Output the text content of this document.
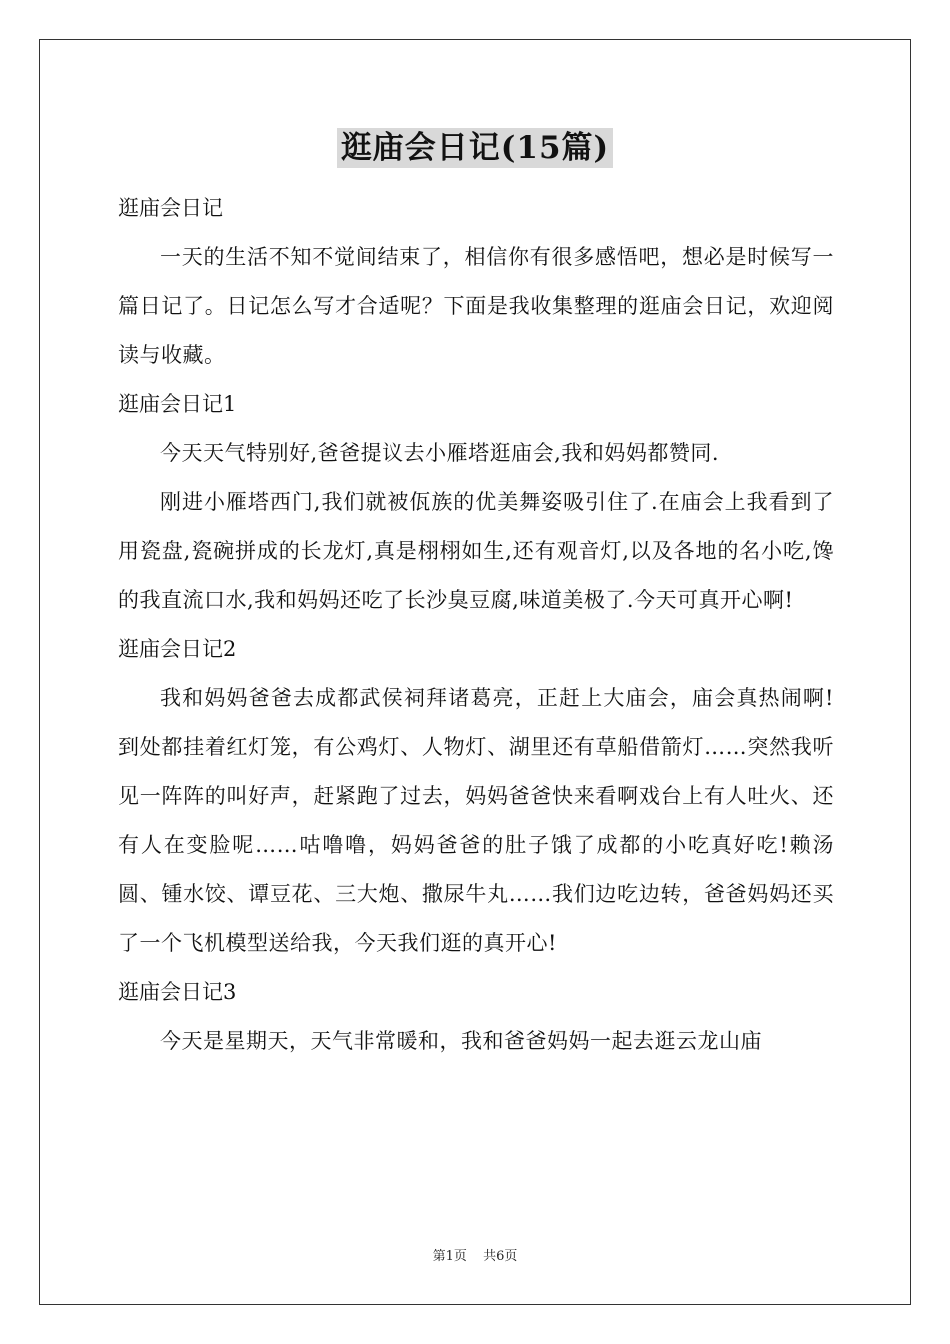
逛庙会日记(15篇)
逛庙会日记

一天的生活不知不觉间结束了，相信你有很多感悟吧，想必是时候写一篇日记了。日记怎么写才合适呢？下面是我收集整理的逛庙会日记，欢迎阅读与收藏。

逛庙会日记1

今天天气特别好,爸爸提议去小雁塔逛庙会,我和妈妈都赞同.

刚进小雁塔西门,我们就被佤族的优美舞姿吸引住了.在庙会上我看到了用瓷盘,瓷碗拼成的长龙灯,真是栩栩如生,还有观音灯,以及各地的名小吃,馋的我直流口水,我和妈妈还吃了长沙臭豆腐,味道美极了.今天可真开心啊!

逛庙会日记2

我和妈妈爸爸去成都武侯祠拜诸葛亮，正赶上大庙会，庙会真热闹啊!到处都挂着红灯笼，有公鸡灯、人物灯、湖里还有草船借箭灯……突然我听见一阵阵的叫好声，赶紧跑了过去，妈妈爸爸快来看啊戏台上有人吐火、还有人在变脸呢……咕噜噜，妈妈爸爸的肚子饿了成都的小吃真好吃!赖汤圆、锺水饺、谭豆花、三大炮、撒尿牛丸……我们边吃边转，爸爸妈妈还买了一个飞机模型送给我，今天我们逛的真开心!

逛庙会日记3

今天是星期天，天气非常暖和，我和爸爸妈妈一起去逛云龙山庙

第1页 共6页
